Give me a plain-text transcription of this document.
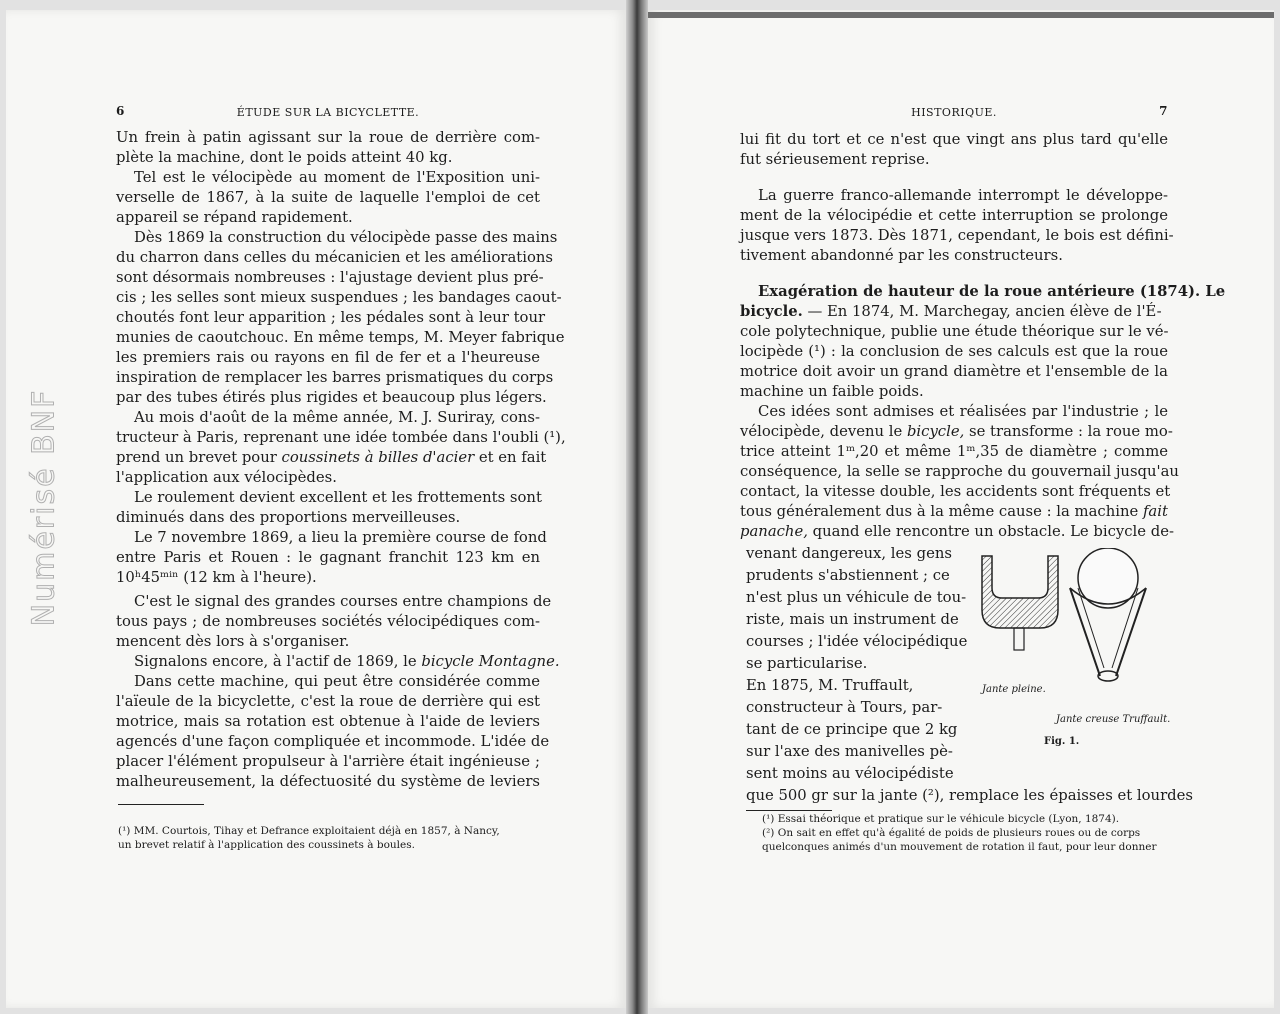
Numérisé BNF
6	ÉTUDE SUR LA BICYCLETTE.
Un frein à patin agissant sur la roue de derrière com-
plète la machine, dont le poids atteint 40 kg.
Tel est le vélocipède au moment de l'Exposition uni-
verselle de 1867, à la suite de laquelle l'emploi de cet
appareil se répand rapidement.
Dès 1869 la construction du vélocipède passe des mains
du charron dans celles du mécanicien et les améliorations
sont désormais nombreuses : l'ajustage devient plus pré-
cis ; les selles sont mieux suspendues ; les bandages caout-
choutés font leur apparition ; les pédales sont à leur tour
munies de caoutchouc. En même temps, M. Meyer fabrique
les premiers rais ou rayons en fil de fer et a l'heureuse
inspiration de remplacer les barres prismatiques du corps
par des tubes étirés plus rigides et beaucoup plus légers.
Au mois d'août de la même année, M. J. Suriray, cons-
tructeur à Paris, reprenant une idée tombée dans l'oubli (¹),
prend un brevet pour coussinets à billes d'acier et en fait
l'application aux vélocipèdes.
Le roulement devient excellent et les frottements sont
diminués dans des proportions merveilleuses.
Le 7 novembre 1869, a lieu la première course de fond
entre Paris et Rouen : le gagnant franchit 123 km en
10ʰ45ᵐⁱⁿ (12 km à l'heure).
C'est le signal des grandes courses entre champions de
tous pays ; de nombreuses sociétés vélocipédiques com-
mencent dès lors à s'organiser.
Signalons encore, à l'actif de 1869, le bicycle Montagne.
Dans cette machine, qui peut être considérée comme
l'aïeule de la bicyclette, c'est la roue de derrière qui est
motrice, mais sa rotation est obtenue à l'aide de leviers
agencés d'une façon compliquée et incommode. L'idée de
placer l'élément propulseur à l'arrière était ingénieuse ;
malheureusement, la défectuosité du système de leviers
(¹) MM. Courtois, Tihay et Defrance exploitaient déjà en 1857, à Nancy,
un brevet relatif à l'application des coussinets à boules.
HISTORIQUE.	7
lui fit du tort et ce n'est que vingt ans plus tard qu'elle
fut sérieusement reprise.
La guerre franco-allemande interrompt le développe-
ment de la vélocipédie et cette interruption se prolonge
jusque vers 1873. Dès 1871, cependant, le bois est défini-
tivement abandonné par les constructeurs.
Exagération de hauteur de la roue antérieure (1874). Le
bicycle. — En 1874, M. Marchegay, ancien élève de l'É-
cole polytechnique, publie une étude théorique sur le vé-
locipède (¹) : la conclusion de ses calculs est que la roue
motrice doit avoir un grand diamètre et l'ensemble de la
machine un faible poids.
Ces idées sont admises et réalisées par l'industrie ; le
vélocipède, devenu le bicycle, se transforme : la roue mo-
trice atteint 1ᵐ,20 et même 1ᵐ,35 de diamètre ; comme
conséquence, la selle se rapproche du gouvernail jusqu'au
contact, la vitesse double, les accidents sont fréquents et
tous généralement dus à la même cause : la machine fait
panache, quand elle rencontre un obstacle. Le bicycle de-
venant dangereux, les gens
prudents s'abstiennent ; ce
n'est plus un véhicule de tou-
riste, mais un instrument de
courses ; l'idée vélocipédique
se particularise.
En 1875, M. Truffault,
constructeur à Tours, par-
tant de ce principe que 2 kg
sur l'axe des manivelles pè-
sent moins au vélocipédiste
que 500 gr sur la jante (²), remplace les épaisses et lourdes
Jante pleine.
Jante creuse Truffault.
Fig. 1.
(¹) Essai théorique et pratique sur le véhicule bicycle (Lyon, 1874).
(²) On sait en effet qu'à égalité de poids de plusieurs roues ou de corps
quelconques animés d'un mouvement de rotation il faut, pour leur donner
